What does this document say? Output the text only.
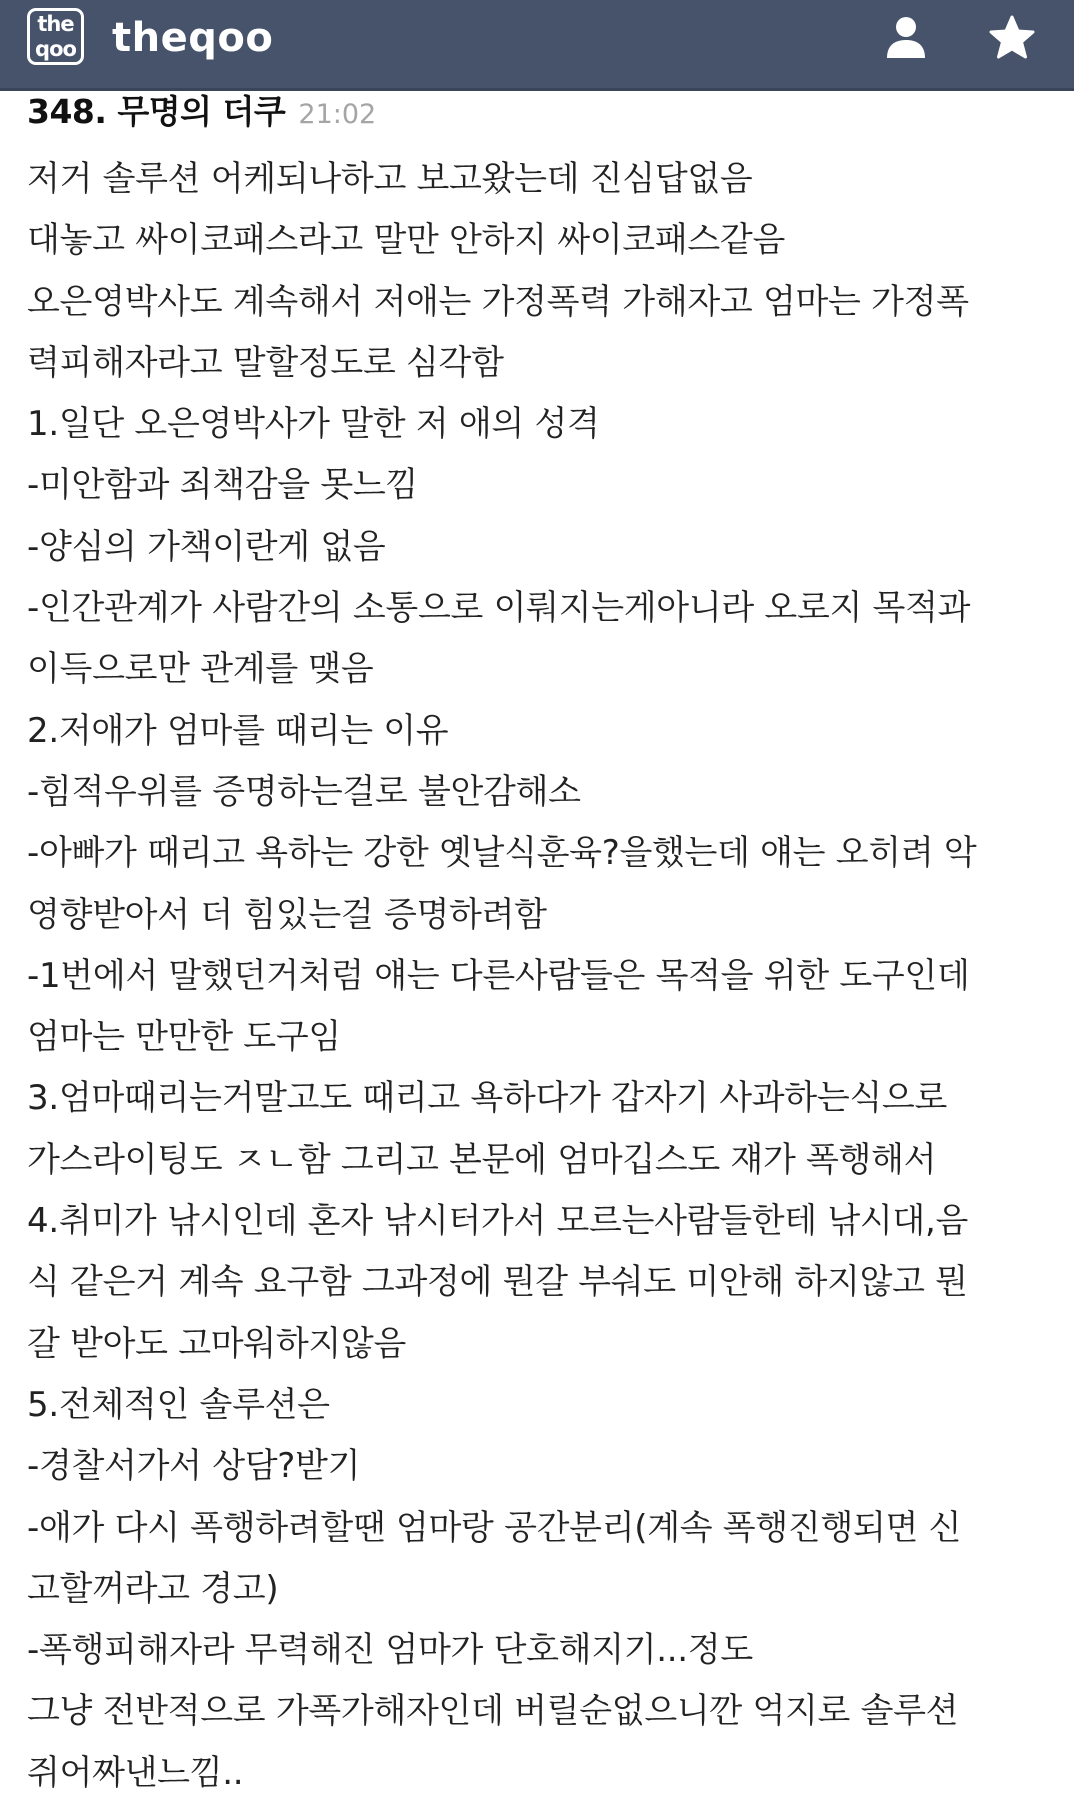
the
qoo theqoo
348. 무명의 더쿠 21:02
저거 솔루션 어케되나하고 보고왔는데 진심답없음
대놓고 싸이코패스라고 말만 안하지 싸이코패스같음
오은영박사도 계속해서 저애는 가정폭력 가해자고 엄마는 가정폭
력피해자라고 말할정도로 심각함
1.일단 오은영박사가 말한 저 애의 성격
-미안함과 죄책감을 못느낌
-양심의 가책이란게 없음
-인간관계가 사람간의 소통으로 이뤄지는게아니라 오로지 목적과
이득으로만 관계를 맺음
2.저애가 엄마를 때리는 이유
-힘적우위를 증명하는걸로 불안감해소
-아빠가 때리고 욕하는 강한 옛날식훈육?을했는데 얘는 오히려 악
영향받아서 더 힘있는걸 증명하려함
-1번에서 말했던거처럼 얘는 다른사람들은 목적을 위한 도구인데
엄마는 만만한 도구임
3.엄마때리는거말고도 때리고 욕하다가 갑자기 사과하는식으로
가스라이팅도 ㅈㄴ함 그리고 본문에 엄마깁스도 쟤가 폭행해서
4.취미가 낚시인데 혼자 낚시터가서 모르는사람들한테 낚시대,음
식 같은거 계속 요구함 그과정에 뭔갈 부숴도 미안해 하지않고 뭔
갈 받아도 고마워하지않음
5.전체적인 솔루션은
-경찰서가서 상담?받기
-애가 다시 폭행하려할땐 엄마랑 공간분리(계속 폭행진행되면 신
고할꺼라고 경고)
-폭행피해자라 무력해진 엄마가 단호해지기...정도
그냥 전반적으로 가폭가해자인데 버릴순없으니깐 억지로 솔루션
쥐어짜낸느낌..
